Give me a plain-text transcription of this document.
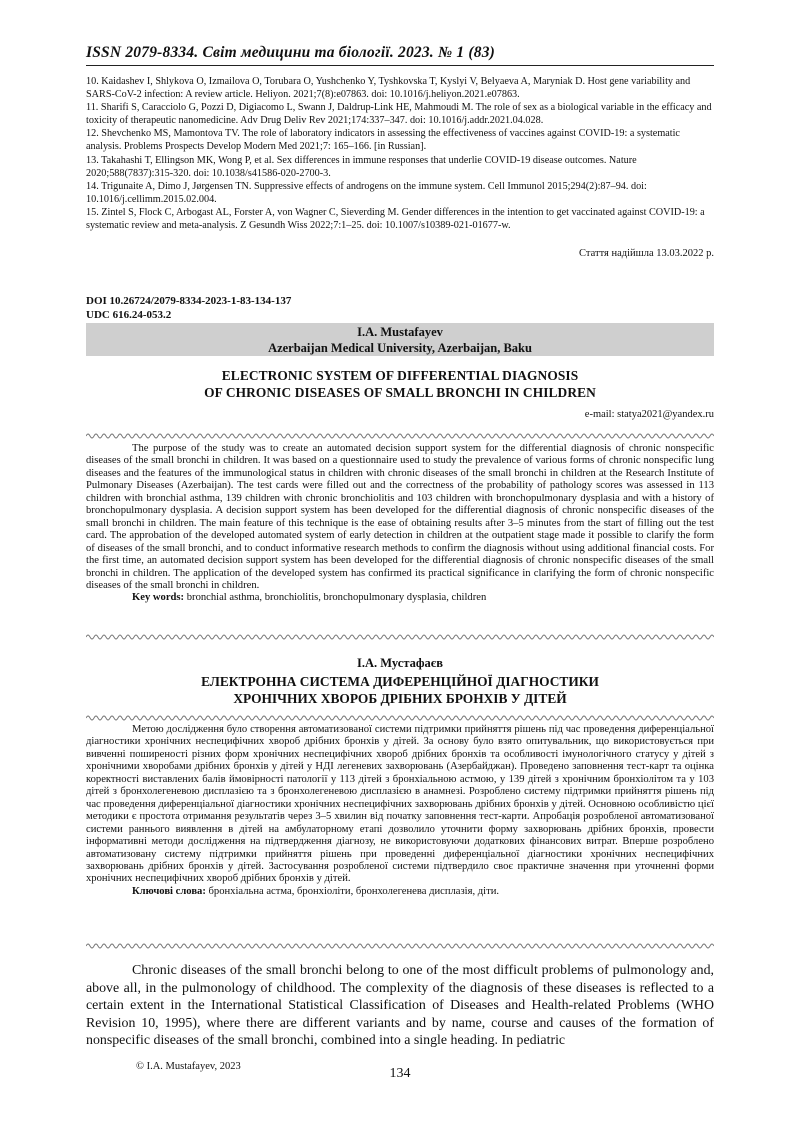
ISSN 2079-8334. Світ медицини та біології. 2023. № 1 (83)

10. Kaidashev I, Shlykova O, Izmailova O, Torubara O, Yushchenko Y, Tyshkovska T, Kyslyi V, Belyaeva A, Maryniak D. Host gene variability and SARS-CoV-2 infection: A review article. Heliyon. 2021;7(8):e07863. doi: 10.1016/j.heliyon.2021.e07863.

11. Sharifi S, Caracciolo G, Pozzi D, Digiacomo L, Swann J, Daldrup-Link HE, Mahmoudi M. The role of sex as a biological variable in the efficacy and toxicity of therapeutic nanomedicine. Adv Drug Deliv Rev 2021;174:337–347. doi: 10.1016/j.addr.2021.04.028.

12. Shevchenko MS, Mamontova TV. The role of laboratory indicators in assessing the effectiveness of vaccines against COVID-19: a systematic analysis. Problems Prospects Develop Modern Med 2021;7: 165–166. [in Russian].

13. Takahashi T, Ellingson MK, Wong P, et al. Sex differences in immune responses that underlie COVID-19 disease outcomes. Nature 2020;588(7837):315-320. doi: 10.1038/s41586-020-2700-3.

14. Trigunaite A, Dimo J, Jørgensen TN. Suppressive effects of androgens on the immune system. Cell Immunol 2015;294(2):87–94. doi: 10.1016/j.cellimm.2015.02.004.

15. Zintel S, Flock C, Arbogast AL, Forster A, von Wagner C, Sieverding M. Gender differences in the intention to get vaccinated against COVID-19: a systematic review and meta-analysis. Z Gesundh Wiss 2022;7:1–25. doi: 10.1007/s10389-021-01677-w.

Стаття надійшла 13.03.2022 р.
DOI 10.26724/2079-8334-2023-1-83-134-137
UDC 616.24-053.2
I.A. Mustafayev
Azerbaijan Medical University, Azerbaijan, Baku
ELECTRONIC SYSTEM OF DIFFERENTIAL DIAGNOSIS
OF CHRONIC DISEASES OF SMALL BRONCHI IN CHILDREN
e-mail: statya2021@yandex.ru

The purpose of the study was to create an automated decision support system for the differential diagnosis of chronic nonspecific diseases of the small bronchi in children. It was based on a questionnaire used to study the prevalence of various forms of chronic nonspecific lung diseases and the features of the immunological status in children with chronic diseases of the small bronchi in children at the Research Institute of Pulmonary Diseases (Azerbaijan). The test cards were filled out and the correctness of the probability of pathology scores was assessed in 113 children with bronchial asthma, 139 children with chronic bronchiolitis and 103 children with bronchopulmonary dysplasia and with a history of bronchopulmonary dysplasia. A decision support system has been developed for the differential diagnosis of chronic nonspecific diseases of the small bronchi in children. The main feature of this technique is the ease of obtaining results after 3–5 minutes from the start of filling out the test card. The approbation of the developed automated system of early detection in children at the outpatient stage made it possible to clarify the form of diseases of the small bronchi, and to conduct informative research methods to confirm the diagnosis without using additional financial costs. For the first time, an automated decision support system has been developed for the differential diagnosis of chronic nonspecific diseases of the small bronchi in children. The application of the developed system has confirmed its practical significance in clarifying the form of chronic nonspecific diseases of the small bronchi in children.

Key words: bronchial asthma, bronchiolitis, bronchopulmonary dysplasia, children
І.А. Мустафаєв
ЕЛЕКТРОННА СИСТЕМА ДИФЕРЕНЦІЙНОЇ ДІАГНОСТИКИ
ХРОНІЧНИХ ХВОРОБ ДРІБНИХ БРОНХІВ У ДІТЕЙ

Метою дослідження було створення автоматизованої системи підтримки прийняття рішень під час проведення диференціальної діагностики хронічних неспецифічних хвороб дрібних бронхів у дітей. За основу було взято опитувальник, що використовується при вивченні поширеності різних форм хронічних неспецифічних хвороб дрібних бронхів та особливості імунологічного статусу у дітей з хронічними хворобами дрібних бронхів у дітей у НДІ легеневих захворювань (Азербайджан). Проведено заповнення тест-карт та оцінка коректності виставлених балів ймовірності патології у 113 дітей з бронхіальною астмою, у 139 дітей з хронічним бронхіолітом та у 103 дітей з бронхолегеневою дисплазією та з бронхолегеневою дисплазією в анамнезі. Розроблено систему підтримки прийняття рішень під час проведення диференціальної діагностики хронічних неспецифічних захворювань дрібних бронхів у дітей. Основною особливістю цієї методики є простота отримання результатів через 3–5 хвилин від початку заповнення тест-карти. Апробація розробленої автоматизованої системи раннього виявлення в дітей на амбулаторному етапі дозволило уточнити форму захворювань дрібних бронхів, провести інформативні методи дослідження на підтвердження діагнозу, не використовуючи додаткових фінансових витрат. Вперше розроблено автоматизовану систему підтримки прийняття рішень при проведенні диференціальної діагностики хронічних неспецифічних захворювань дрібних бронхів у дітей. Застосування розробленої системи підтвердило своє практичне значення при уточненні форми хронічних неспецифічних хвороб дрібних бронхів у дітей.

Ключові слова: бронхіальна астма, бронхіоліти, бронхолегенева дисплазія, діти.

Chronic diseases of the small bronchi belong to one of the most difficult problems of pulmonology and, above all, in the pulmonology of childhood. The complexity of the diagnosis of these diseases is reflected to a certain extent in the International Statistical Classification of Diseases and Health-related Problems (WHO Revision 10, 1995), where there are different variants and by name, course and causes of the formation of nonspecific diseases of the small bronchi, combined into a single heading. In pediatric

© I.A. Mustafayev, 2023	134
